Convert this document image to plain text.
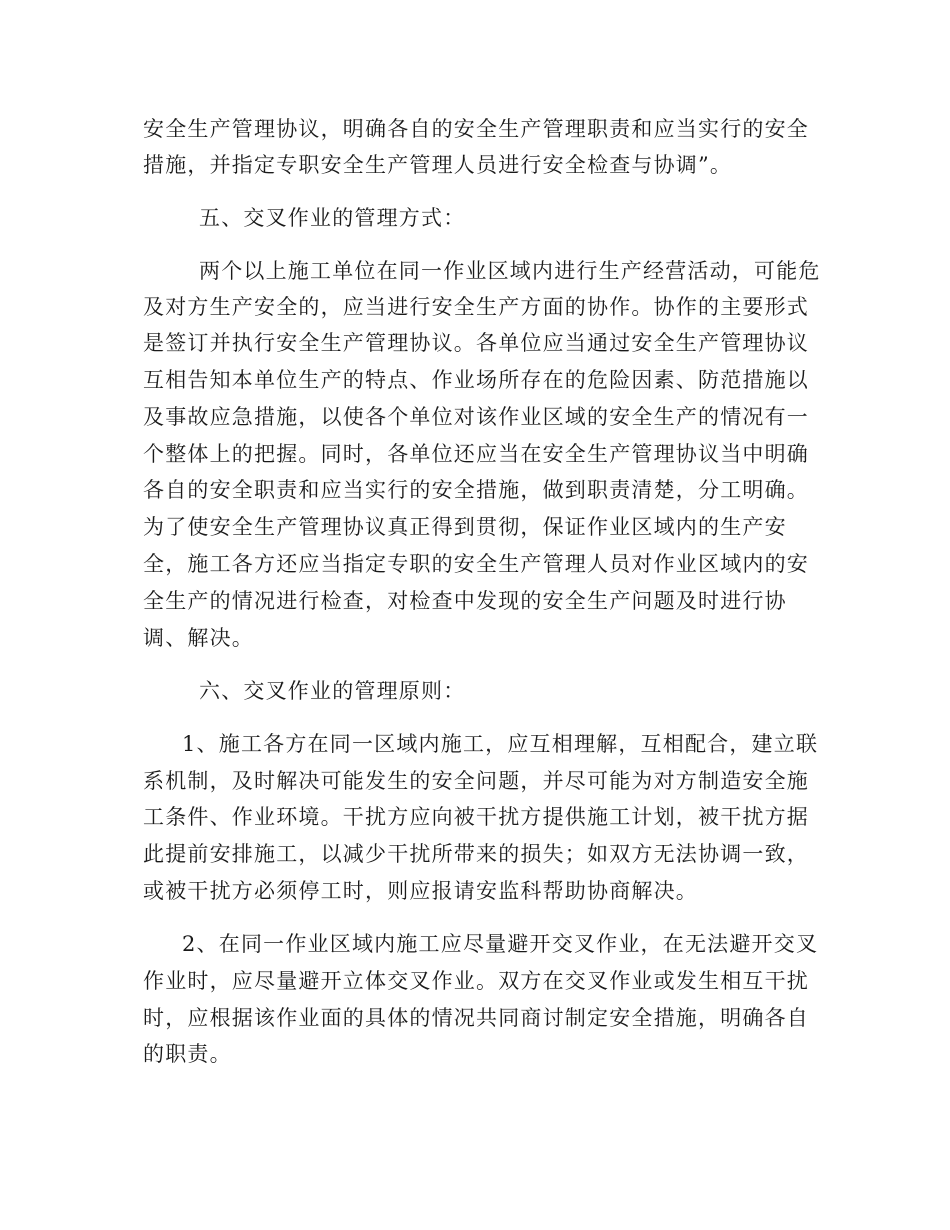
安全生产管理协议，明确各自的安全生产管理职责和应当实行的安全
措施，并指定专职安全生产管理人员进行安全检查与协调”。
五、交叉作业的管理方式：
两个以上施工单位在同一作业区域内进行生产经营活动，可能危
及对方生产安全的，应当进行安全生产方面的协作。协作的主要形式
是签订并执行安全生产管理协议。各单位应当通过安全生产管理协议
互相告知本单位生产的特点、作业场所存在的危险因素、防范措施以
及事故应急措施，以使各个单位对该作业区域的安全生产的情况有一
个整体上的把握。同时，各单位还应当在安全生产管理协议当中明确
各自的安全职责和应当实行的安全措施，做到职责清楚，分工明确。
为了使安全生产管理协议真正得到贯彻，保证作业区域内的生产安
全，施工各方还应当指定专职的安全生产管理人员对作业区域内的安
全生产的情况进行检查，对检查中发现的安全生产问题及时进行协
调、解决。
六、交叉作业的管理原则：
1、施工各方在同一区域内施工，应互相理解，互相配合，建立联
系机制，及时解决可能发生的安全问题，并尽可能为对方制造安全施
工条件、作业环境。干扰方应向被干扰方提供施工计划，被干扰方据
此提前安排施工，以减少干扰所带来的损失；如双方无法协调一致，
或被干扰方必须停工时，则应报请安监科帮助协商解决。
2、在同一作业区域内施工应尽量避开交叉作业，在无法避开交叉
作业时，应尽量避开立体交叉作业。双方在交叉作业或发生相互干扰
时，应根据该作业面的具体的情况共同商讨制定安全措施，明确各自
的职责。
